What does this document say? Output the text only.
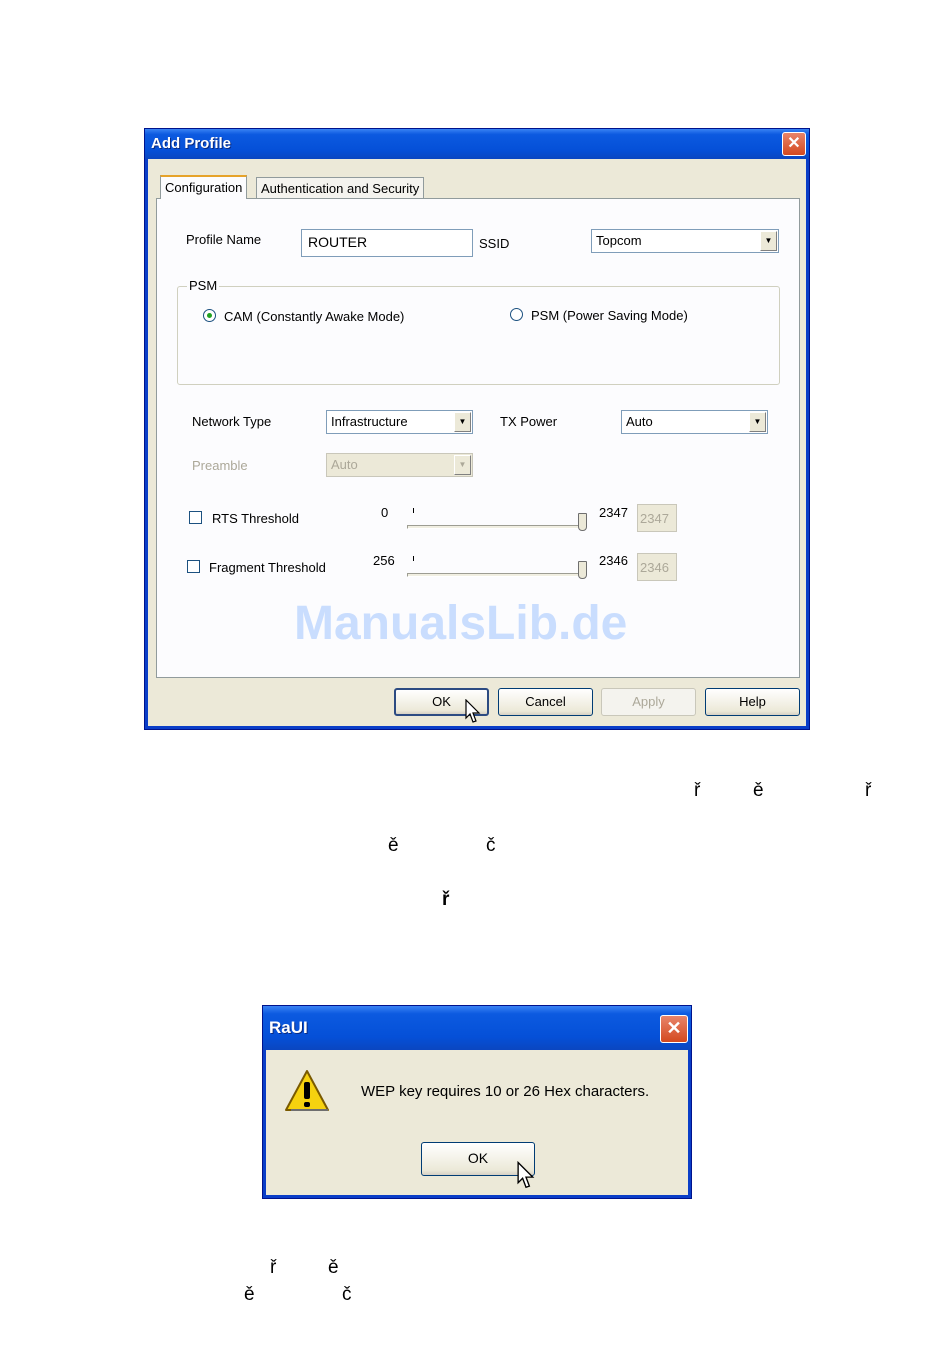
Add Profile	✕
Configuration	Authentication and Security
Profile Name	ROUTER	SSID	Topcom	▼
PSM
CAM (Constantly Awake Mode)	PSM (Power Saving Mode)
Network Type	Infrastructure	▼	TX Power	Auto	▼
Preamble	Auto	▼
RTS Threshold	0	2347 2347
Fragment Threshold	256	2346 2346
ManualsLib.de
OK	Cancel	Apply	Help
ř	ě	ř
ě	č
ř
ř	ě
ě	č
RaUI	✕
WEP key requires 10 or 26 Hex characters.
OK
